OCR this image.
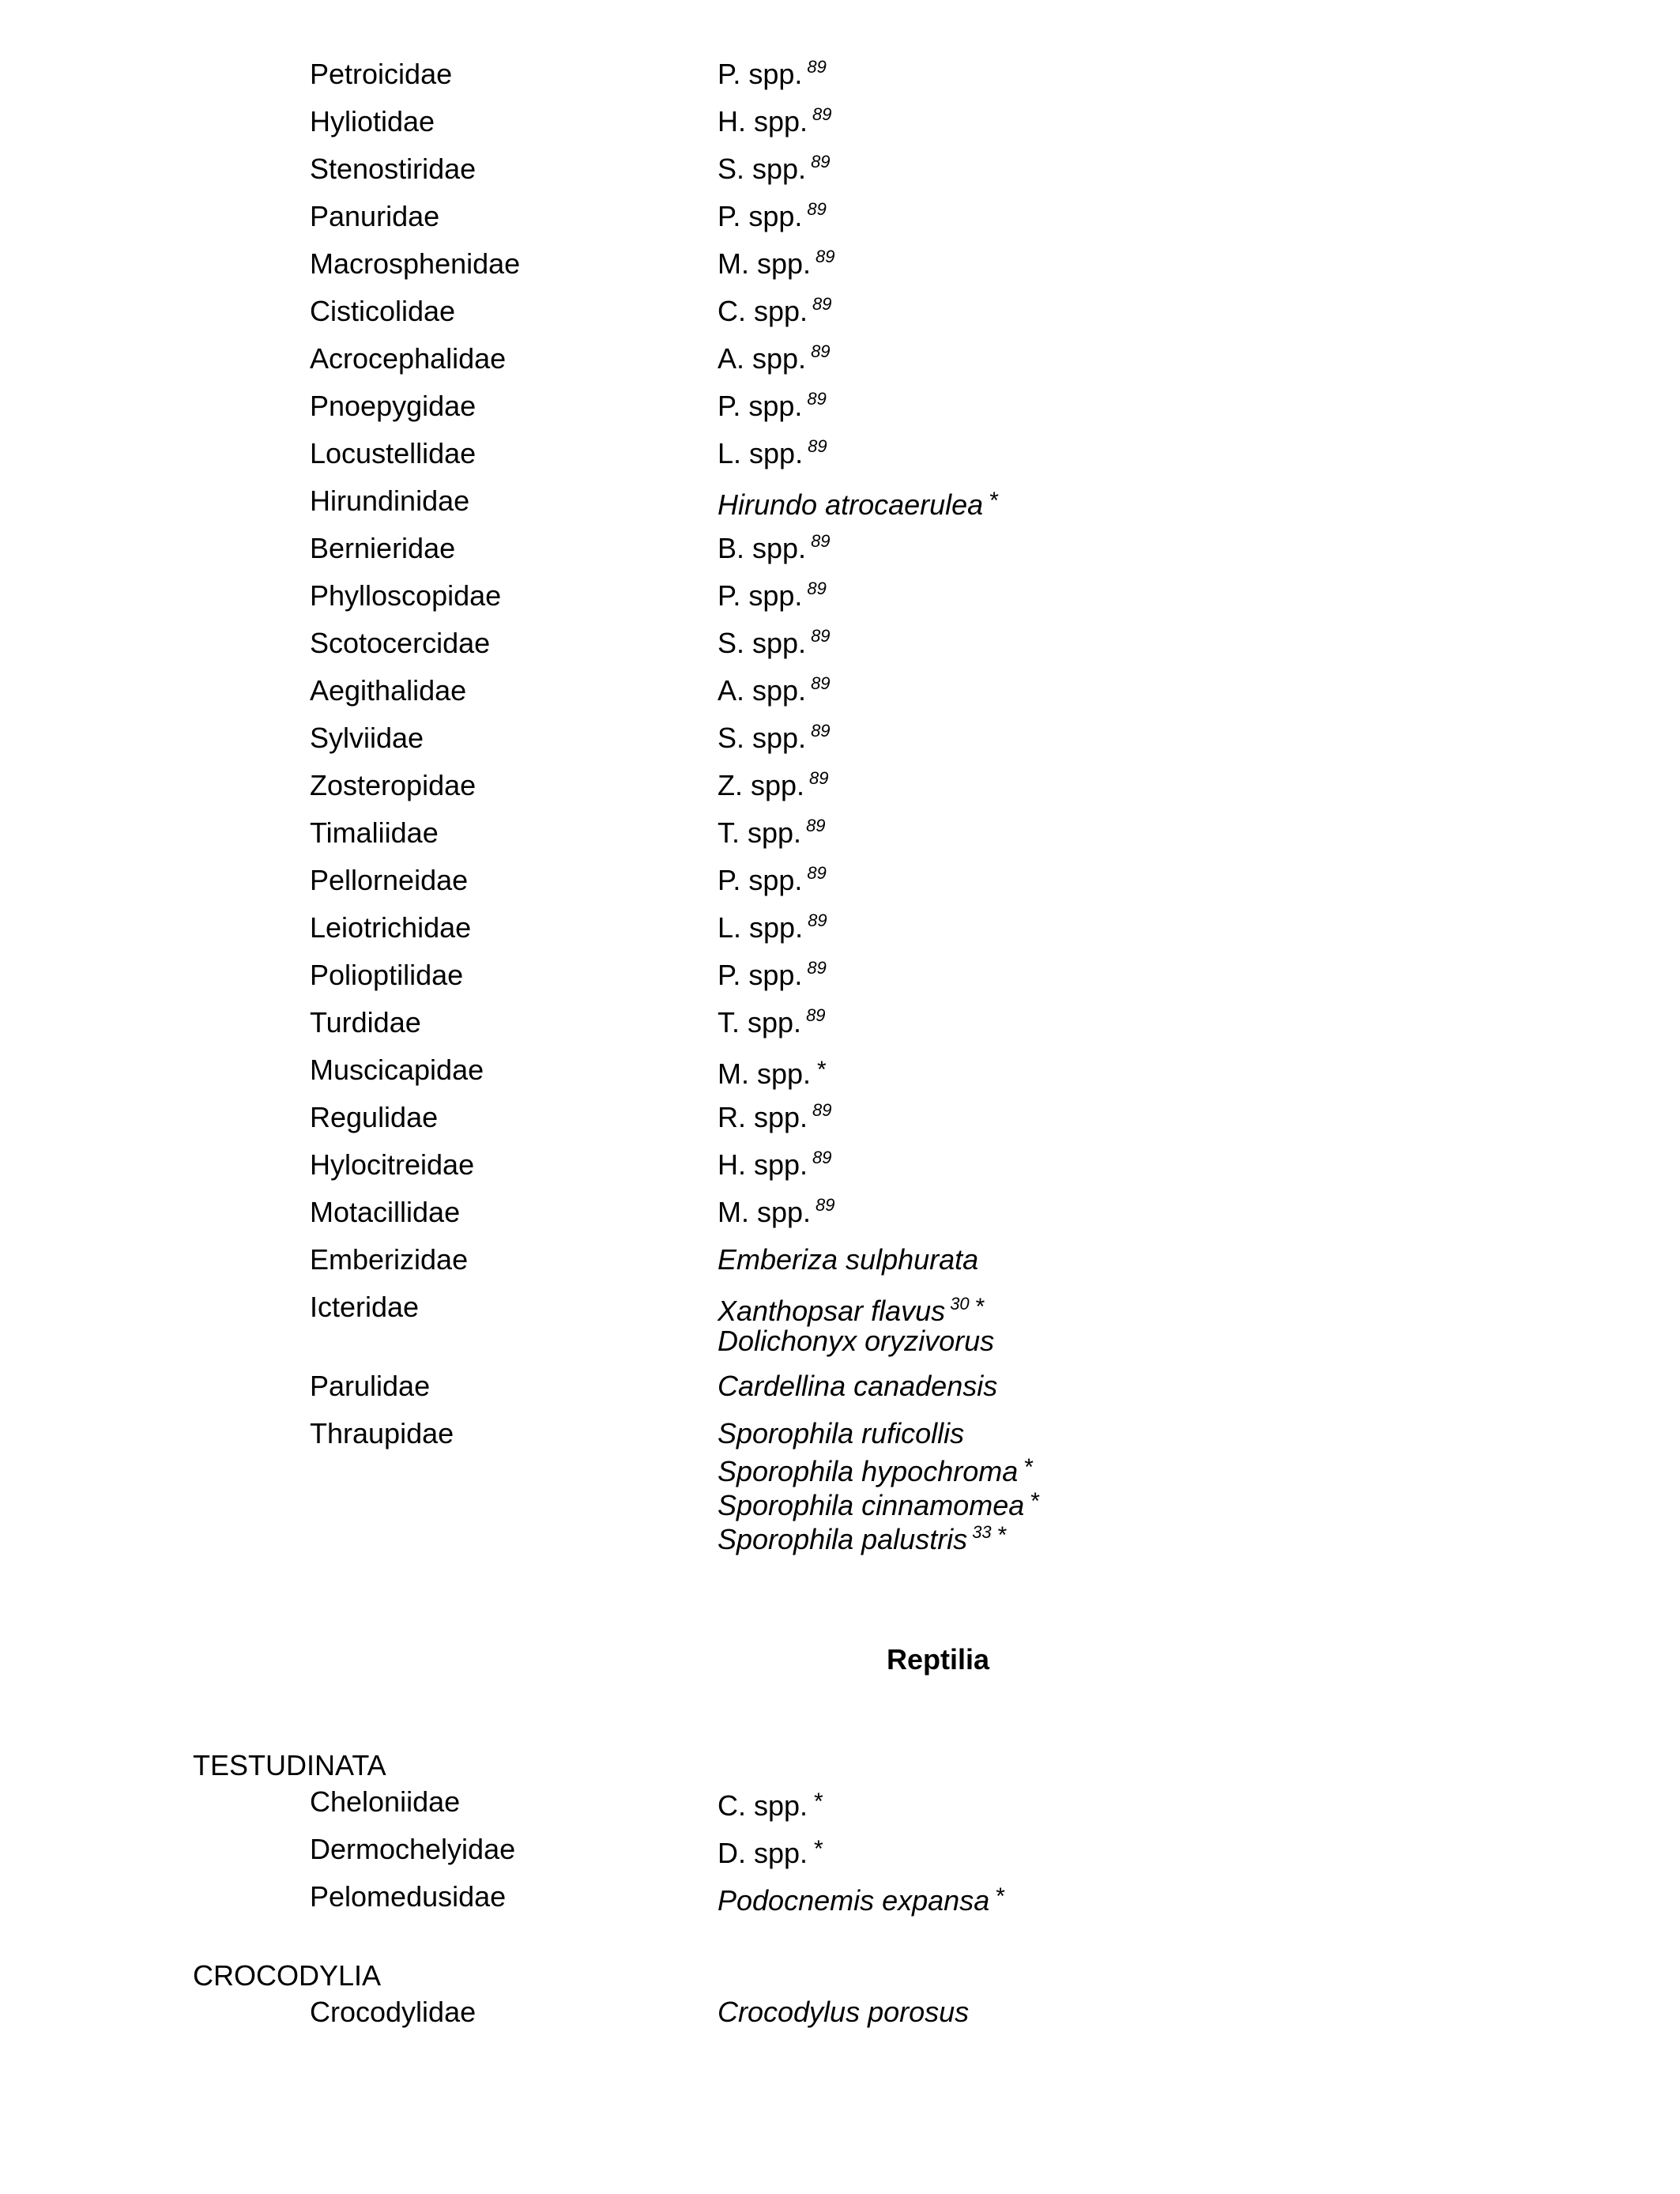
Petroicidae	P. spp. $^{89}$
Hyliotidae	H. spp. $^{89}$
Stenostiridae	S. spp. $^{89}$
Panuridae	P. spp. $^{89}$
Macrosphenidae	M. spp. $^{89}$
Cisticolidae	C. spp. $^{89}$
Acrocephalidae	A. spp. $^{89}$
Pnoepygidae	P. spp. $^{89}$
Locustellidae	L. spp. $^{89}$
Hirundinidae	Hirundo atrocaerulea *
Bernieridae	B. spp. $^{89}$
Phylloscopidae	P. spp. $^{89}$
Scotocercidae	S. spp. $^{89}$
Aegithalidae	A. spp. $^{89}$
Sylviidae	S. spp. $^{89}$
Zosteropidae	Z. spp. $^{89}$
Timaliidae	T. spp. $^{89}$
Pellorneidae	P. spp. $^{89}$
Leiotrichidae	L. spp. $^{89}$
Polioptilidae	P. spp. $^{89}$
Turdidae	T. spp. $^{89}$
Muscicapidae	M. spp. *
Regulidae	R. spp. $^{89}$
Hylocitreidae	H. spp. $^{89}$
Motacillidae	M. spp. $^{89}$
Emberizidae	Emberiza sulphurata
Icteridae	Xanthopsar flavus $^{30}$ *
Dolichonyx oryzivorus
Parulidae	Cardellina canadensis
Thraupidae	Sporophila ruficollis
Sporophila hypochroma *
Sporophila cinnamomea *
Sporophila palustris $^{33}$ *
Reptilia
TESTUDINATA
Cheloniidae	C. spp. *
Dermochelyidae	D. spp. *
Pelomedusidae	Podocnemis expansa *
CROCODYLIA
Crocodylidae	Crocodylus porosus
